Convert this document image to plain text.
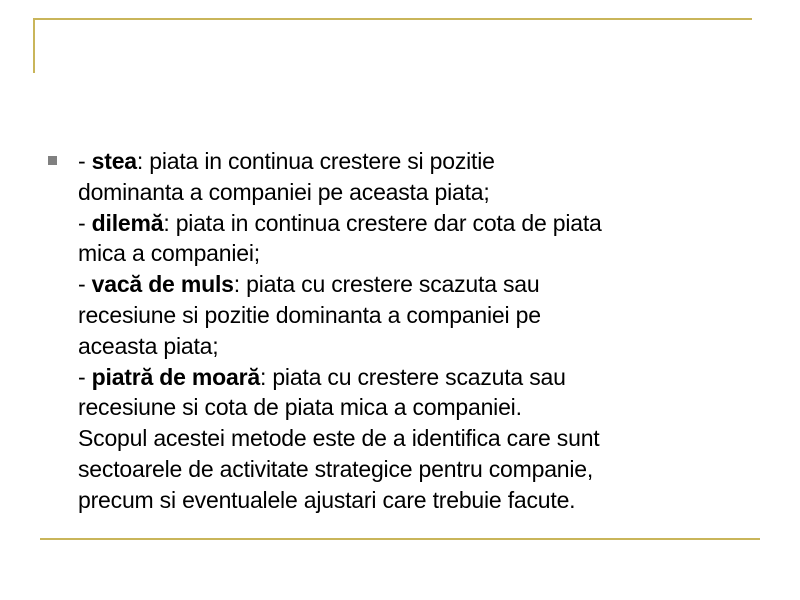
- stea: piata in continua crestere si pozitie
dominanta a companiei pe aceasta piata;
- dilemă: piata in continua crestere dar cota de piata
mica a companiei;
- vacă de muls: piata cu crestere scazuta sau
recesiune si pozitie dominanta a companiei pe
aceasta piata;
- piatră de moară: piata cu crestere scazuta sau
recesiune si cota de piata mica a companiei.
Scopul acestei metode este de a identifica care sunt
sectoarele de activitate strategice pentru companie,
precum si eventualele ajustari care trebuie facute.
